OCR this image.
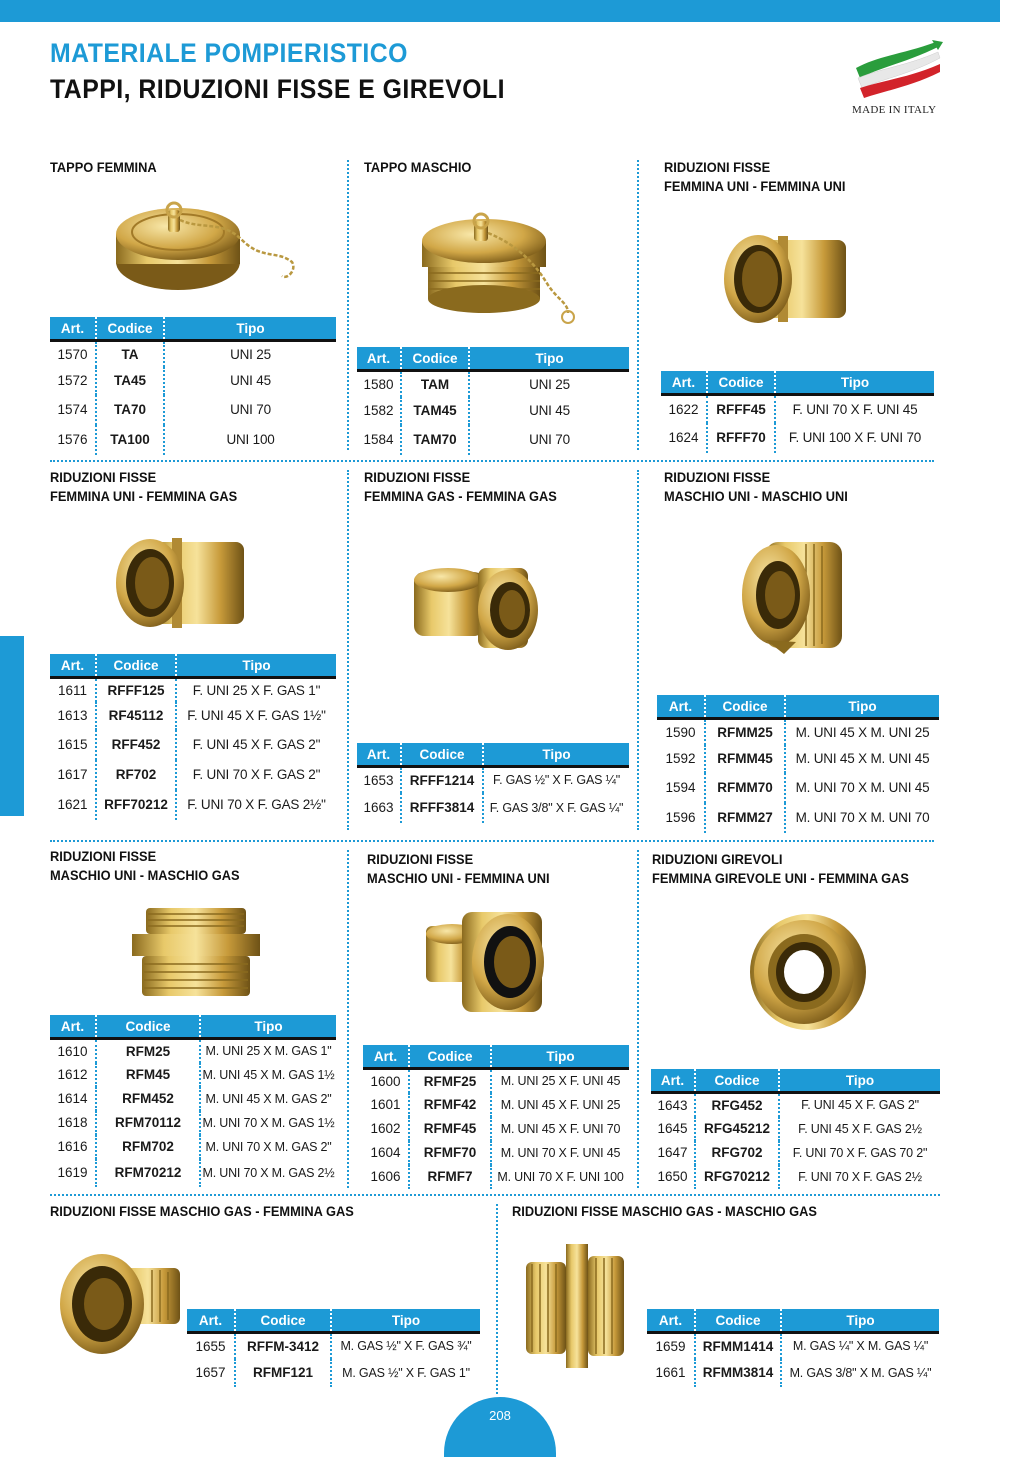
MATERIALE POMPIERISTICO
TAPPI, RIDUZIONI FISSE E GIREVOLI
MADE IN ITALY
TAPPO FEMMINA
Art.	Codice	Tipo
1570	TA	UNI 25
1572	TA45	UNI 45
1574	TA70	UNI 70
1576	TA100	UNI 100
TAPPO MASCHIO
Art.	Codice	Tipo
1580	TAM	UNI 25
1582	TAM45	UNI 45
1584	TAM70	UNI 70
RIDUZIONI FISSE
FEMMINA UNI - FEMMINA UNI
Art.	Codice	Tipo
1622	RFFF45	F. UNI 70 X F. UNI 45
1624	RFFF70	F. UNI 100 X F. UNI 70
RIDUZIONI FISSE
FEMMINA UNI - FEMMINA GAS
Art.	Codice	Tipo
1611	RFFF125	F. UNI 25 X F. GAS 1"
1613	RF45112	F. UNI 45 X F. GAS 1½"
1615	RFF452	F. UNI 45 X F. GAS 2"
1617	RF702	F. UNI 70 X F. GAS 2"
1621	RFF70212	F. UNI 70 X F. GAS 2½"
RIDUZIONI FISSE
FEMMINA GAS - FEMMINA GAS
Art.	Codice	Tipo
1653	RFFF1214	F. GAS ½" X F. GAS ¼"
1663	RFFF3814	F. GAS 3/8" X F. GAS ¼"
RIDUZIONI FISSE
MASCHIO UNI - MASCHIO UNI
Art.	Codice	Tipo
1590	RFMM25	M. UNI 45 X M. UNI 25
1592	RFMM45	M. UNI 45 X M. UNI 45
1594	RFMM70	M. UNI 70 X M. UNI 45
1596	RFMM27	M. UNI 70 X M. UNI 70
RIDUZIONI FISSE
MASCHIO UNI - MASCHIO GAS
Art.	Codice	Tipo
1610	RFM25	M. UNI 25 X M. GAS 1"
1612	RFM45	M. UNI 45 X M. GAS 1½
1614	RFM452	M. UNI 45 X M. GAS 2"
1618	RFM70112	M. UNI 70 X M. GAS 1½
1616	RFM702	M. UNI 70 X M. GAS 2"
1619	RFM70212	M. UNI 70 X M. GAS 2½
RIDUZIONI FISSE
MASCHIO UNI - FEMMINA UNI
Art.	Codice	Tipo
1600	RFMF25	M. UNI 25 X F. UNI 45
1601	RFMF42	M. UNI 45 X F. UNI 25
1602	RFMF45	M. UNI 45 X F. UNI 70
1604	RFMF70	M. UNI 70 X F. UNI 45
1606	RFMF7	M. UNI 70 X F. UNI 100
RIDUZIONI GIREVOLI
FEMMINA GIREVOLE UNI - FEMMINA GAS
Art.	Codice	Tipo
1643	RFG452	F. UNI 45 X F. GAS 2"
1645	RFG45212	F. UNI 45 X F. GAS 2½
1647	RFG702	F. UNI 70 X F. GAS 70 2"
1650	RFG70212	F. UNI 70 X F. GAS 2½
RIDUZIONI FISSE MASCHIO GAS - FEMMINA GAS
Art.	Codice	Tipo
1655	RFFM-3412	M. GAS ½" X F. GAS ¾"
1657	RFMF121	M. GAS ½" X F. GAS 1"
RIDUZIONI FISSE MASCHIO GAS - MASCHIO GAS
Art.	Codice	Tipo
1659	RFMM1414	M. GAS ¼" X M. GAS ¼"
1661	RFMM3814	M. GAS 3/8" X M. GAS ¼"
208
